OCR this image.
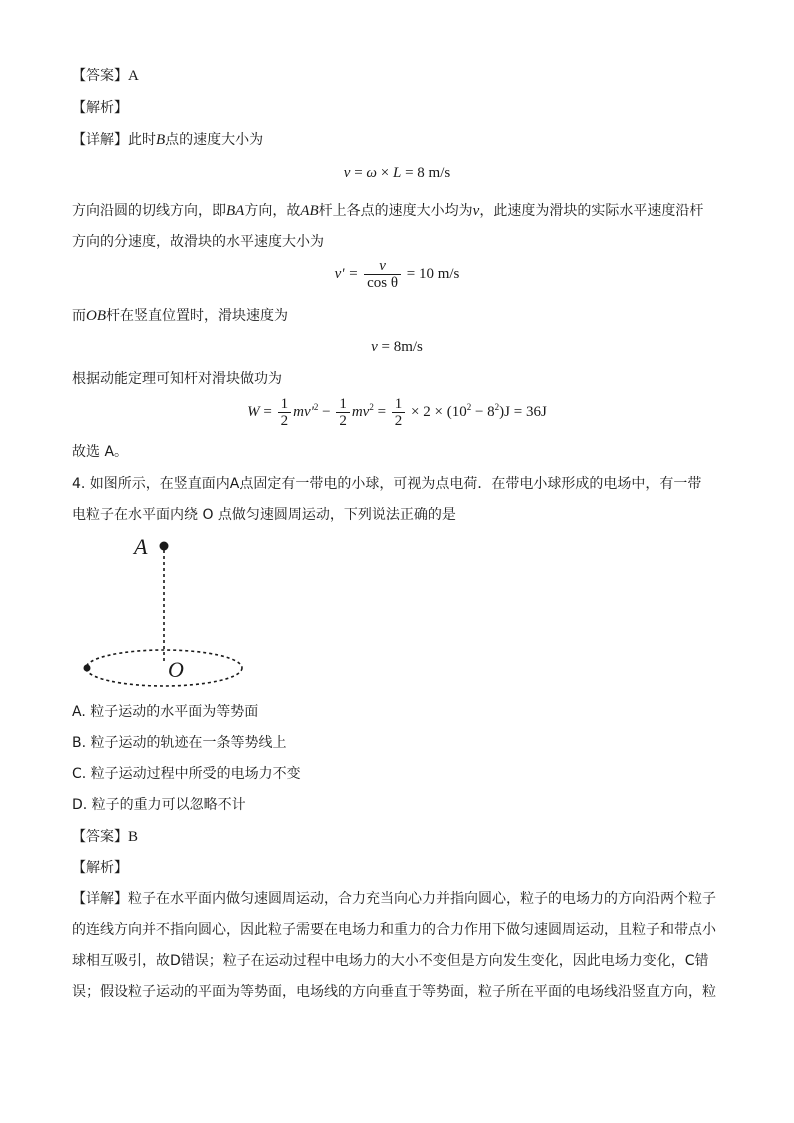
【答案】A
【解析】
【详解】此时B点的速度大小为
v = ω × L = 8 m/s
方向沿圆的切线方向，即BA方向，故AB杆上各点的速度大小均为v，此速度为滑块的实际水平速度沿杆
方向的分速度，故滑块的水平速度大小为
$v' = \frac{v}{\text{cos θ}} = 10$ m/s
而OB杆在竖直位置时，滑块速度为
v = 8m/s
根据动能定理可知杆对滑块做功为
$W = \frac{1}{2} mv'^2 - \frac{1}{2} mv^2 = \frac{1}{2} \times 2 \times (10^2 - 8^2)J = 36J$
故选 A。
4. 如图所示，在竖直面内A点固定有一带电的小球，可视为点电荷．在带电小球形成的电场中，有一带
电粒子在水平面内绕 O 点做匀速圆周运动，下列说法正确的是
A
O
A. 粒子运动的水平面为等势面
B. 粒子运动的轨迹在一条等势线上
C. 粒子运动过程中所受的电场力不变
D. 粒子的重力可以忽略不计
【答案】B
【解析】
【详解】粒子在水平面内做匀速圆周运动，合力充当向心力并指向圆心，粒子的电场力的方向沿两个粒子
的连线方向并不指向圆心，因此粒子需要在电场力和重力的合力作用下做匀速圆周运动，且粒子和带点小
球相互吸引，故D错误；粒子在运动过程中电场力的大小不变但是方向发生变化，因此电场力变化，C错
误；假设粒子运动的平面为等势面，电场线的方向垂直于等势面，粒子所在平面的电场线沿竖直方向，粒
